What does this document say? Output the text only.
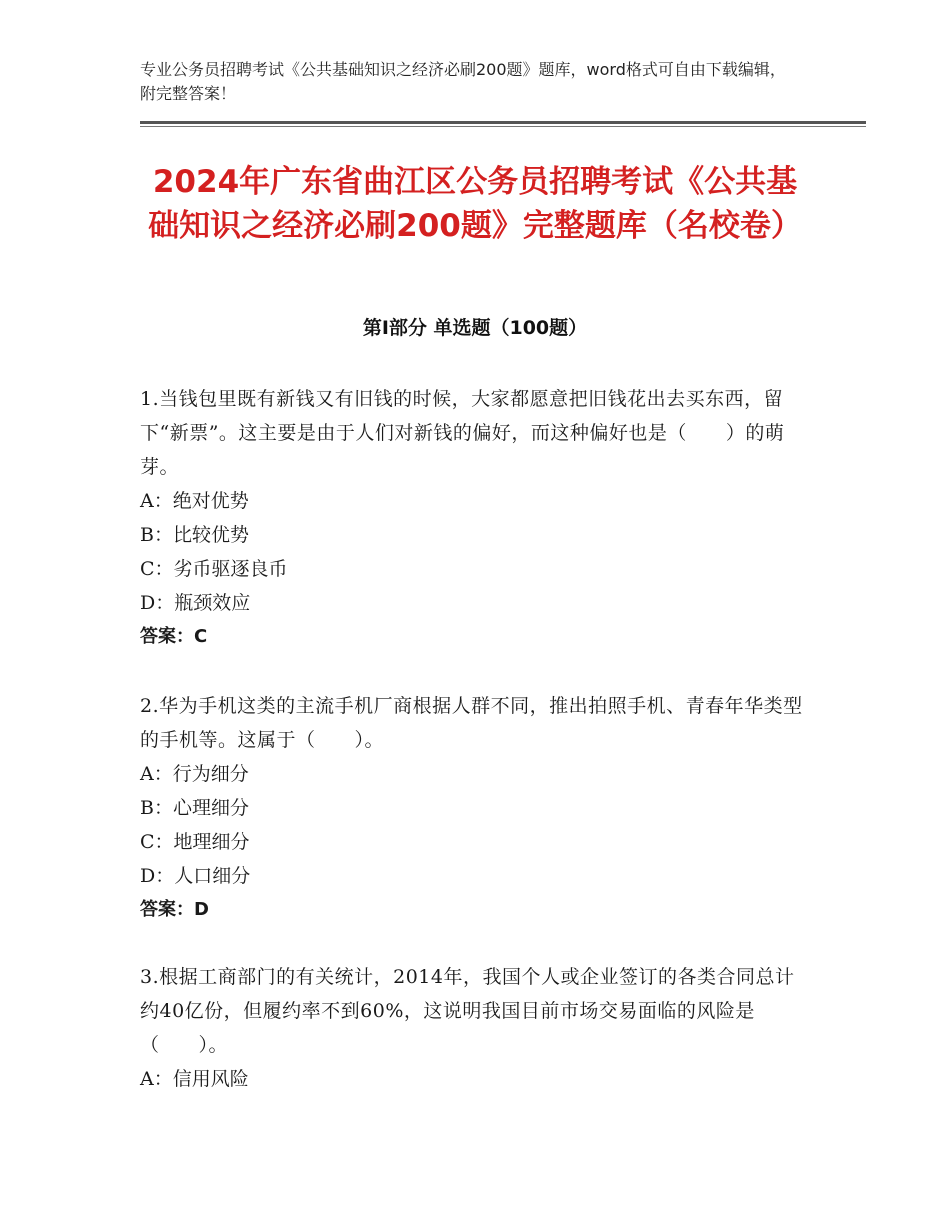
专业公务员招聘考试《公共基础知识之经济必刷200题》题库，word格式可自由下载编辑，附完整答案！
2024年广东省曲江区公务员招聘考试《公共基础知识之经济必刷200题》完整题库（名校卷）
第Ⅰ部分 单选题（100题）

1.当钱包里既有新钱又有旧钱的时候，大家都愿意把旧钱花出去买东西，留下“新票”。这主要是由于人们对新钱的偏好，而这种偏好也是（　　）的萌芽。

A：绝对优势

B：比较优势

C：劣币驱逐良币

D：瓶颈效应

答案：C

2.华为手机这类的主流手机厂商根据人群不同，推出拍照手机、青春年华类型的手机等。这属于（　　）。

A：行为细分

B：心理细分

C：地理细分

D：人口细分

答案：D

3.根据工商部门的有关统计，2014年，我国个人或企业签订的各类合同总计约40亿份，但履约率不到60%，这说明我国目前市场交易面临的风险是（　　）。

A：信用风险
